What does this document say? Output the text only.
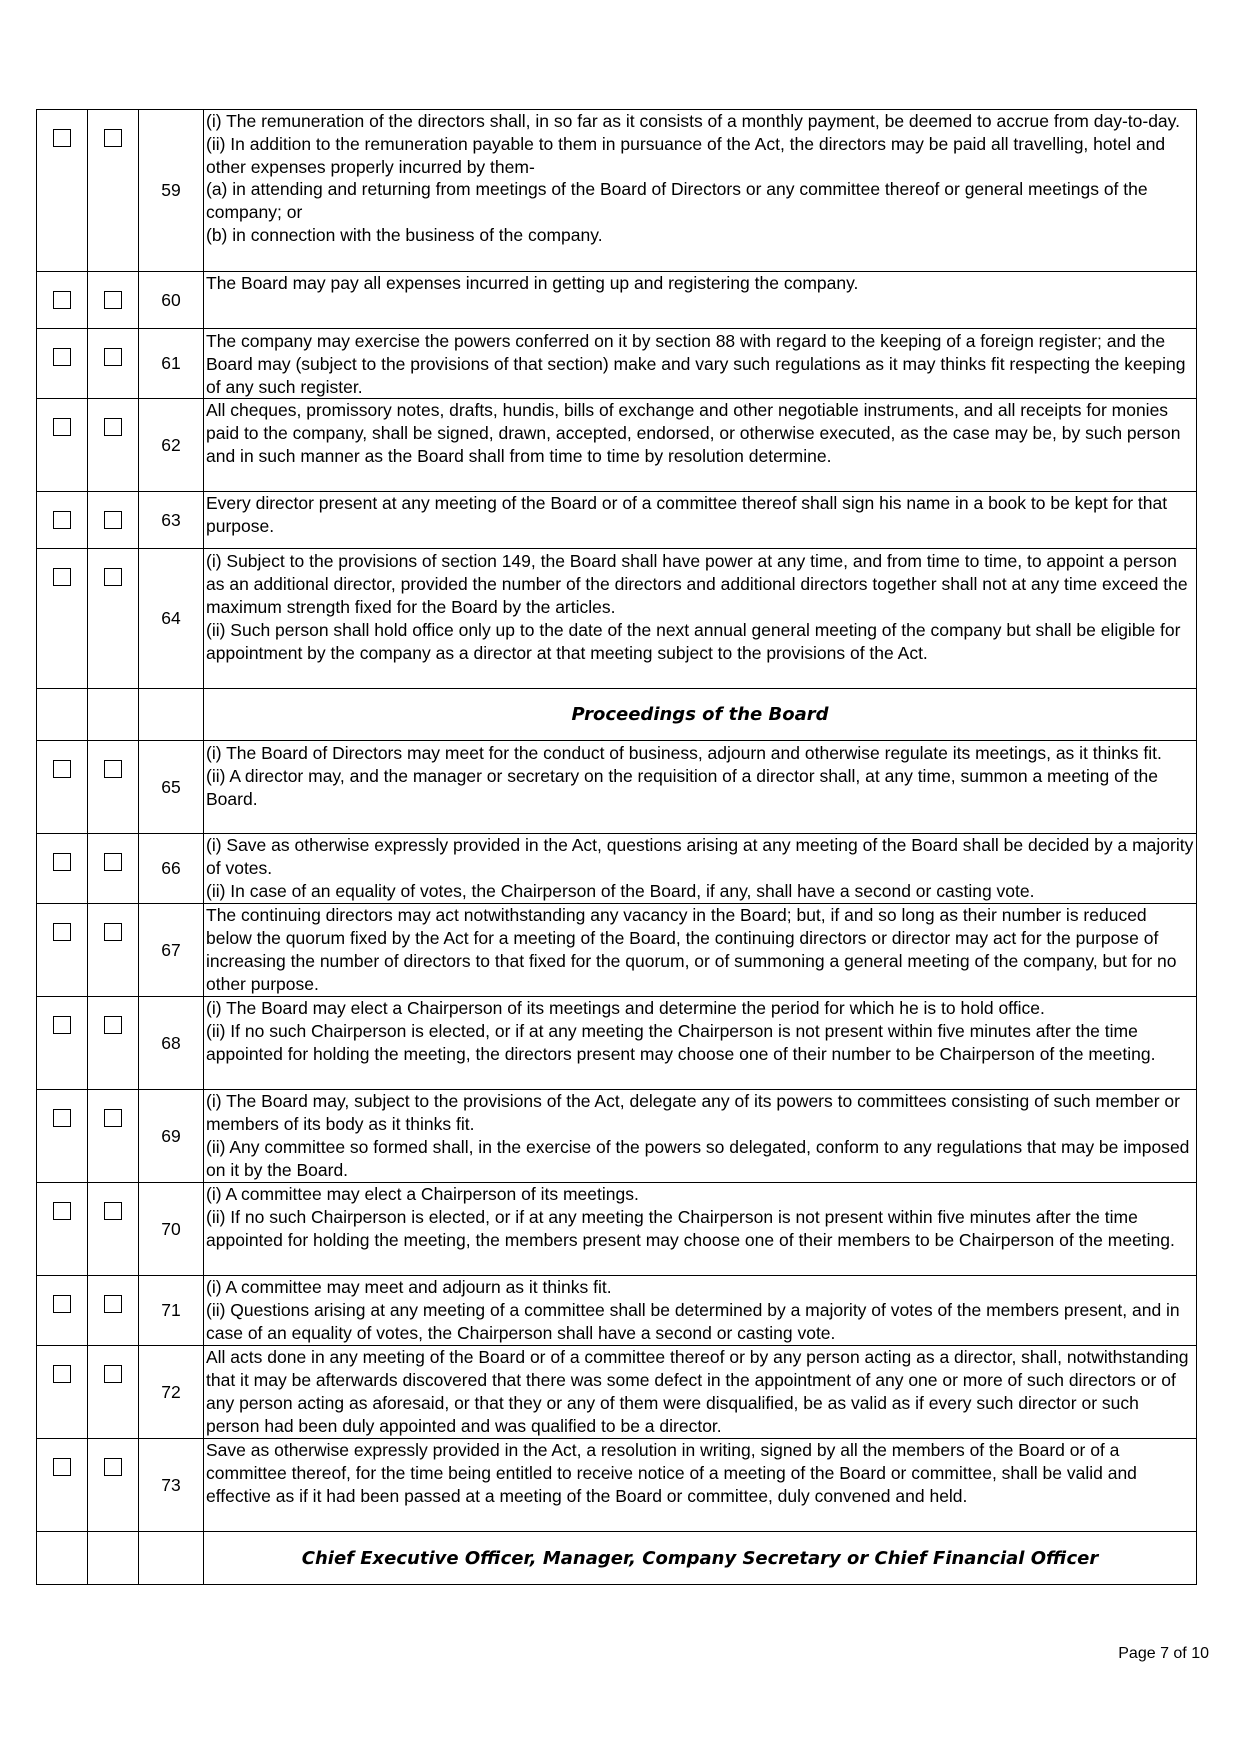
	59	(i) The remuneration of the directors shall, in so far as it consists of a monthly payment, be deemed to accrue from day-to-day.

(ii) In addition to the remuneration payable to them in pursuance of the Act, the directors may be paid all travelling, hotel and other expenses properly incurred by them-

(a) in attending and returning from meetings of the Board of Directors or any committee thereof or general meetings of the company; or

(b) in connection with the business of the company.

	60	The Board may pay all expenses incurred in getting up and registering the company.

	61	The company may exercise the powers conferred on it by section 88 with regard to the keeping of a foreign register; and the Board may (subject to the provisions of that section) make and vary such regulations as it may thinks fit respecting the keeping of any such register.

	62	All cheques, promissory notes, drafts, hundis, bills of exchange and other negotiable instruments, and all receipts for monies paid to the company, shall be signed, drawn, accepted, endorsed, or otherwise executed, as the case may be, by such person and in such manner as the Board shall from time to time by resolution determine.

	63	Every director present at any meeting of the Board or of a committee thereof shall sign his name in a book to be kept for that purpose.

	64	(i) Subject to the provisions of section 149, the Board shall have power at any time, and from time to time, to appoint a person as an additional director, provided the number of the directors and additional directors together shall not at any time exceed the maximum strength fixed for the Board by the articles.

(ii) Such person shall hold office only up to the date of the next annual general meeting of the company but shall be eligible for appointment by the company as a director at that meeting subject to the provisions of the Act.

			Proceedings of the Board

	65	(i) The Board of Directors may meet for the conduct of business, adjourn and otherwise regulate its meetings, as it thinks fit.

(ii) A director may, and the manager or secretary on the requisition of a director shall, at any time, summon a meeting of the Board.

	66	(i) Save as otherwise expressly provided in the Act, questions arising at any meeting of the Board shall be decided by a majority of votes.

(ii) In case of an equality of votes, the Chairperson of the Board, if any, shall have a second or casting vote.

	67	The continuing directors may act notwithstanding any vacancy in the Board; but, if and so long as their number is reduced below the quorum fixed by the Act for a meeting of the Board, the continuing directors or director may act for the purpose of increasing the number of directors to that fixed for the quorum, or of summoning a general meeting of the company, but for no other purpose.

	68	(i) The Board may elect a Chairperson of its meetings and determine the period for which he is to hold office.

(ii) If no such Chairperson is elected, or if at any meeting the Chairperson is not present within five minutes after the time appointed for holding the meeting, the directors present may choose one of their number to be Chairperson of the meeting.

	69	(i) The Board may, subject to the provisions of the Act, delegate any of its powers to committees consisting of such member or members of its body as it thinks fit.

(ii) Any committee so formed shall, in the exercise of the powers so delegated, conform to any regulations that may be imposed on it by the Board.

	70	(i) A committee may elect a Chairperson of its meetings.

(ii) If no such Chairperson is elected, or if at any meeting the Chairperson is not present within five minutes after the time appointed for holding the meeting, the members present may choose one of their members to be Chairperson of the meeting.

	71	(i) A committee may meet and adjourn as it thinks fit.

(ii) Questions arising at any meeting of a committee shall be determined by a majority of votes of the members present, and in case of an equality of votes, the Chairperson shall have a second or casting vote.

	72	All acts done in any meeting of the Board or of a committee thereof or by any person acting as a director, shall, notwithstanding that it may be afterwards discovered that there was some defect in the appointment of any one or more of such directors or of any person acting as aforesaid, or that they or any of them were disqualified, be as valid as if every such director or such person had been duly appointed and was qualified to be a director.

	73	Save as otherwise expressly provided in the Act, a resolution in writing, signed by all the members of the Board or of a committee thereof, for the time being entitled to receive notice of a meeting of the Board or committee, shall be valid and effective as if it had been passed at a meeting of the Board or committee, duly convened and held.

			Chief Executive Officer, Manager, Company Secretary or Chief Financial Officer
Page 7 of 10
